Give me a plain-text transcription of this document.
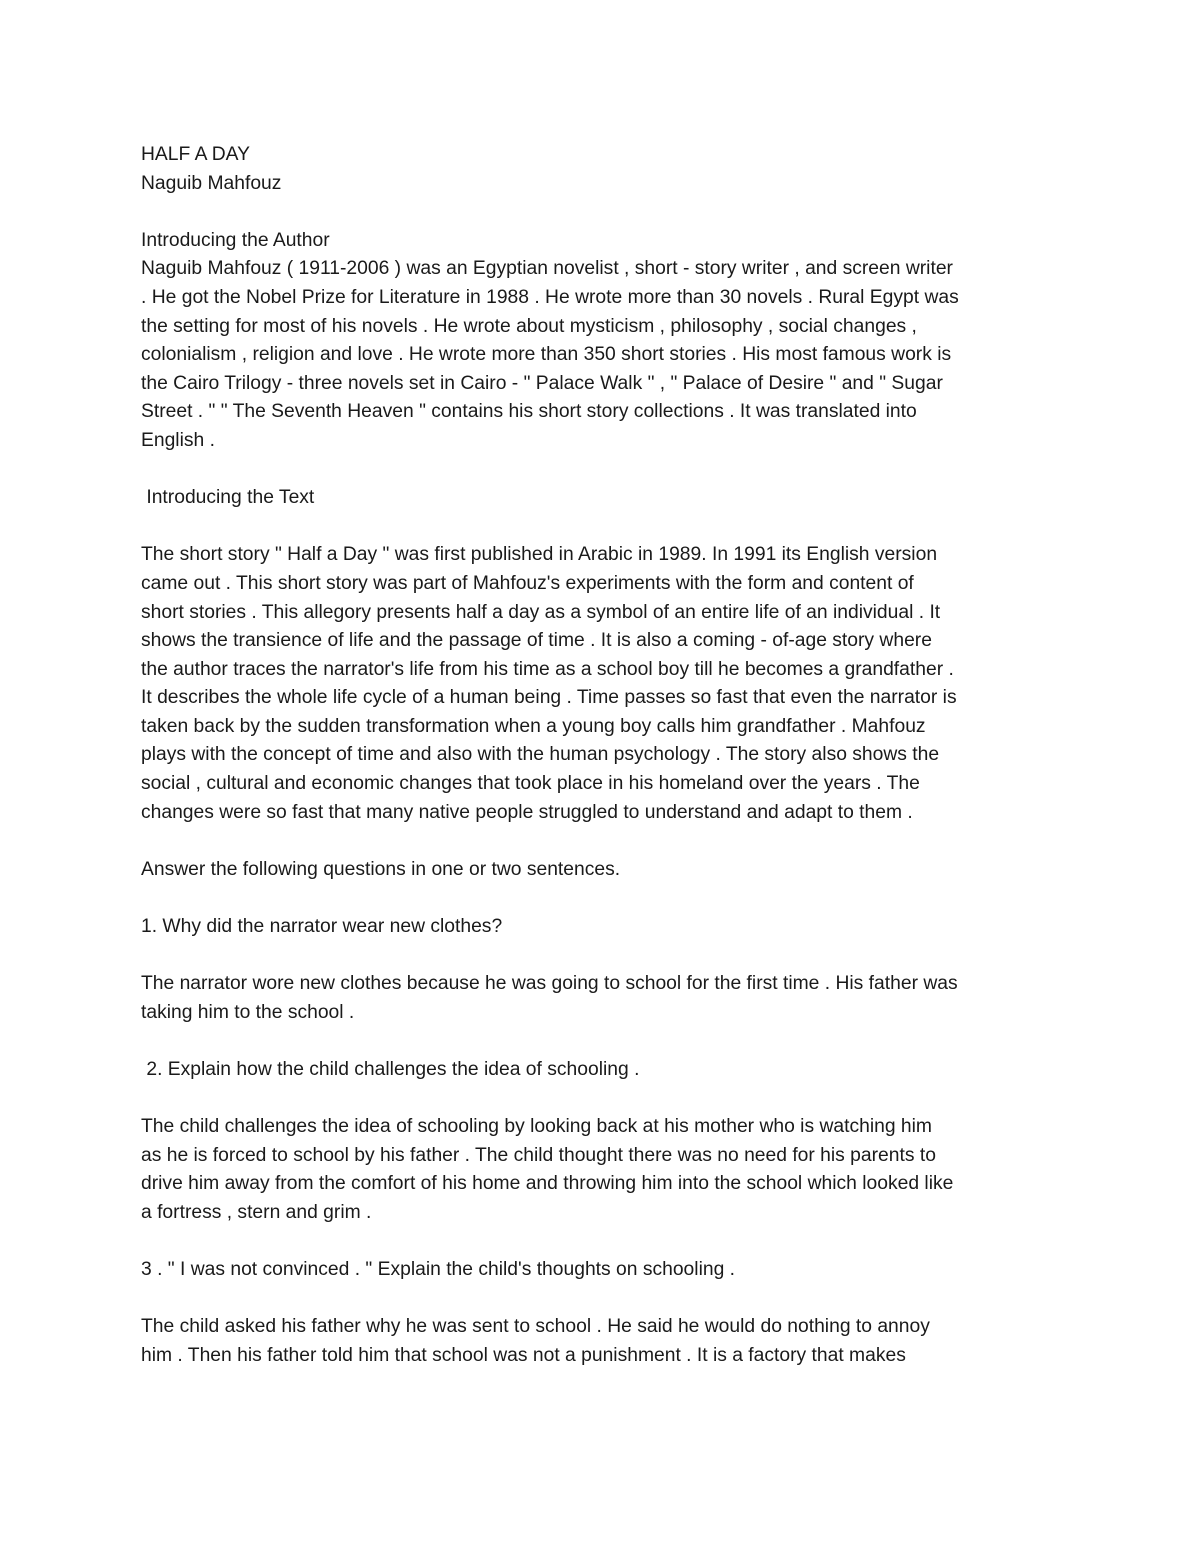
HALF A DAY

Naguib Mahfouz

Introducing the Author

Naguib Mahfouz ( 1911-2006 ) was an Egyptian novelist , short - story writer , and screen writer
. He got the Nobel Prize for Literature in 1988 . He wrote more than 30 novels . Rural Egypt was
the setting for most of his novels . He wrote about mysticism , philosophy , social changes ,
colonialism , religion and love . He wrote more than 350 short stories . His most famous work is
the Cairo Trilogy - three novels set in Cairo - " Palace Walk " , " Palace of Desire " and " Sugar
Street . " " The Seventh Heaven " contains his short story collections . It was translated into
English .

Introducing the Text

The short story " Half a Day " was first published in Arabic in 1989. In 1991 its English version
came out . This short story was part of Mahfouz's experiments with the form and content of
short stories . This allegory presents half a day as a symbol of an entire life of an individual . It
shows the transience of life and the passage of time . It is also a coming - of-age story where
the author traces the narrator's life from his time as a school boy till he becomes a grandfather .
It describes the whole life cycle of a human being . Time passes so fast that even the narrator is
taken back by the sudden transformation when a young boy calls him grandfather . Mahfouz
plays with the concept of time and also with the human psychology . The story also shows the
social , cultural and economic changes that took place in his homeland over the years . The
changes were so fast that many native people struggled to understand and adapt to them .

Answer the following questions in one or two sentences.

1. Why did the narrator wear new clothes?

The narrator wore new clothes because he was going to school for the first time . His father was
taking him to the school .

2. Explain how the child challenges the idea of schooling .

The child challenges the idea of schooling by looking back at his mother who is watching him
as he is forced to school by his father . The child thought there was no need for his parents to
drive him away from the comfort of his home and throwing him into the school which looked like
a fortress , stern and grim .

3 . " I was not convinced . " Explain the child's thoughts on schooling .

The child asked his father why he was sent to school . He said he would do nothing to annoy
him . Then his father told him that school was not a punishment . It is a factory that makes
